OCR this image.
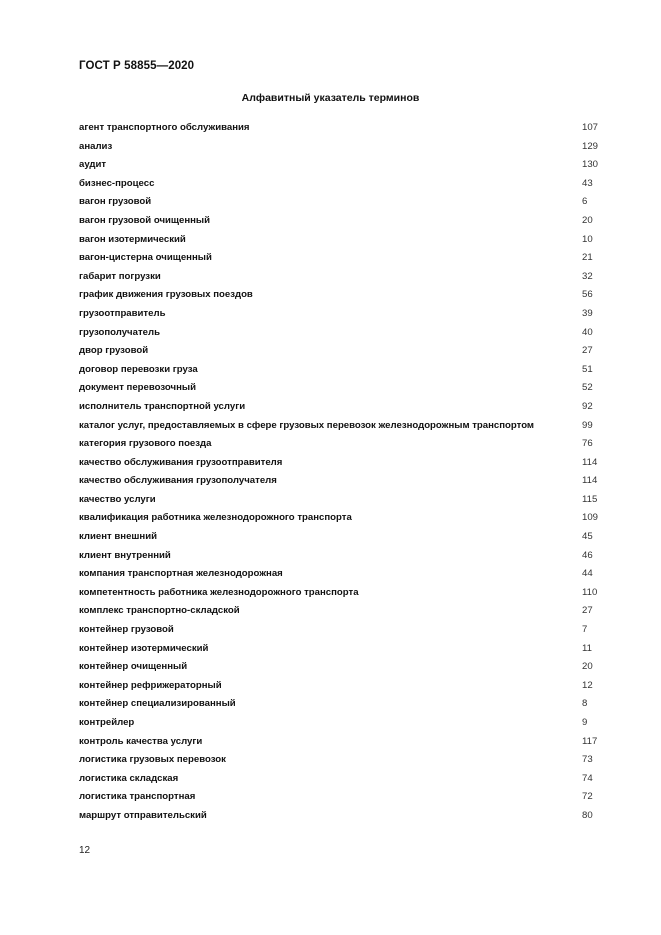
ГОСТ Р 58855—2020
Алфавитный указатель терминов
агент транспортного обслуживания	107
анализ	129
аудит	130
бизнес-процесс	43
вагон грузовой	6
вагон грузовой очищенный	20
вагон изотермический	10
вагон-цистерна очищенный	21
габарит погрузки	32
график движения грузовых поездов	56
грузоотправитель	39
грузополучатель	40
двор грузовой	27
договор перевозки груза	51
документ перевозочный	52
исполнитель транспортной услуги	92
каталог услуг, предоставляемых в сфере грузовых перевозок железнодорожным транспортом	99
категория грузового поезда	76
качество обслуживания грузоотправителя	114
качество обслуживания грузополучателя	114
качество услуги	115
квалификация работника железнодорожного транспорта	109
клиент внешний	45
клиент внутренний	46
компания транспортная железнодорожная	44
компетентность работника железнодорожного транспорта	110
комплекс транспортно-складской	27
контейнер грузовой	7
контейнер изотермический	11
контейнер очищенный	20
контейнер рефрижераторный	12
контейнер специализированный	8
контрейлер	9
контроль качества услуги	117
логистика грузовых перевозок	73
логистика складская	74
логистика транспортная	72
маршрут отправительский	80
12
